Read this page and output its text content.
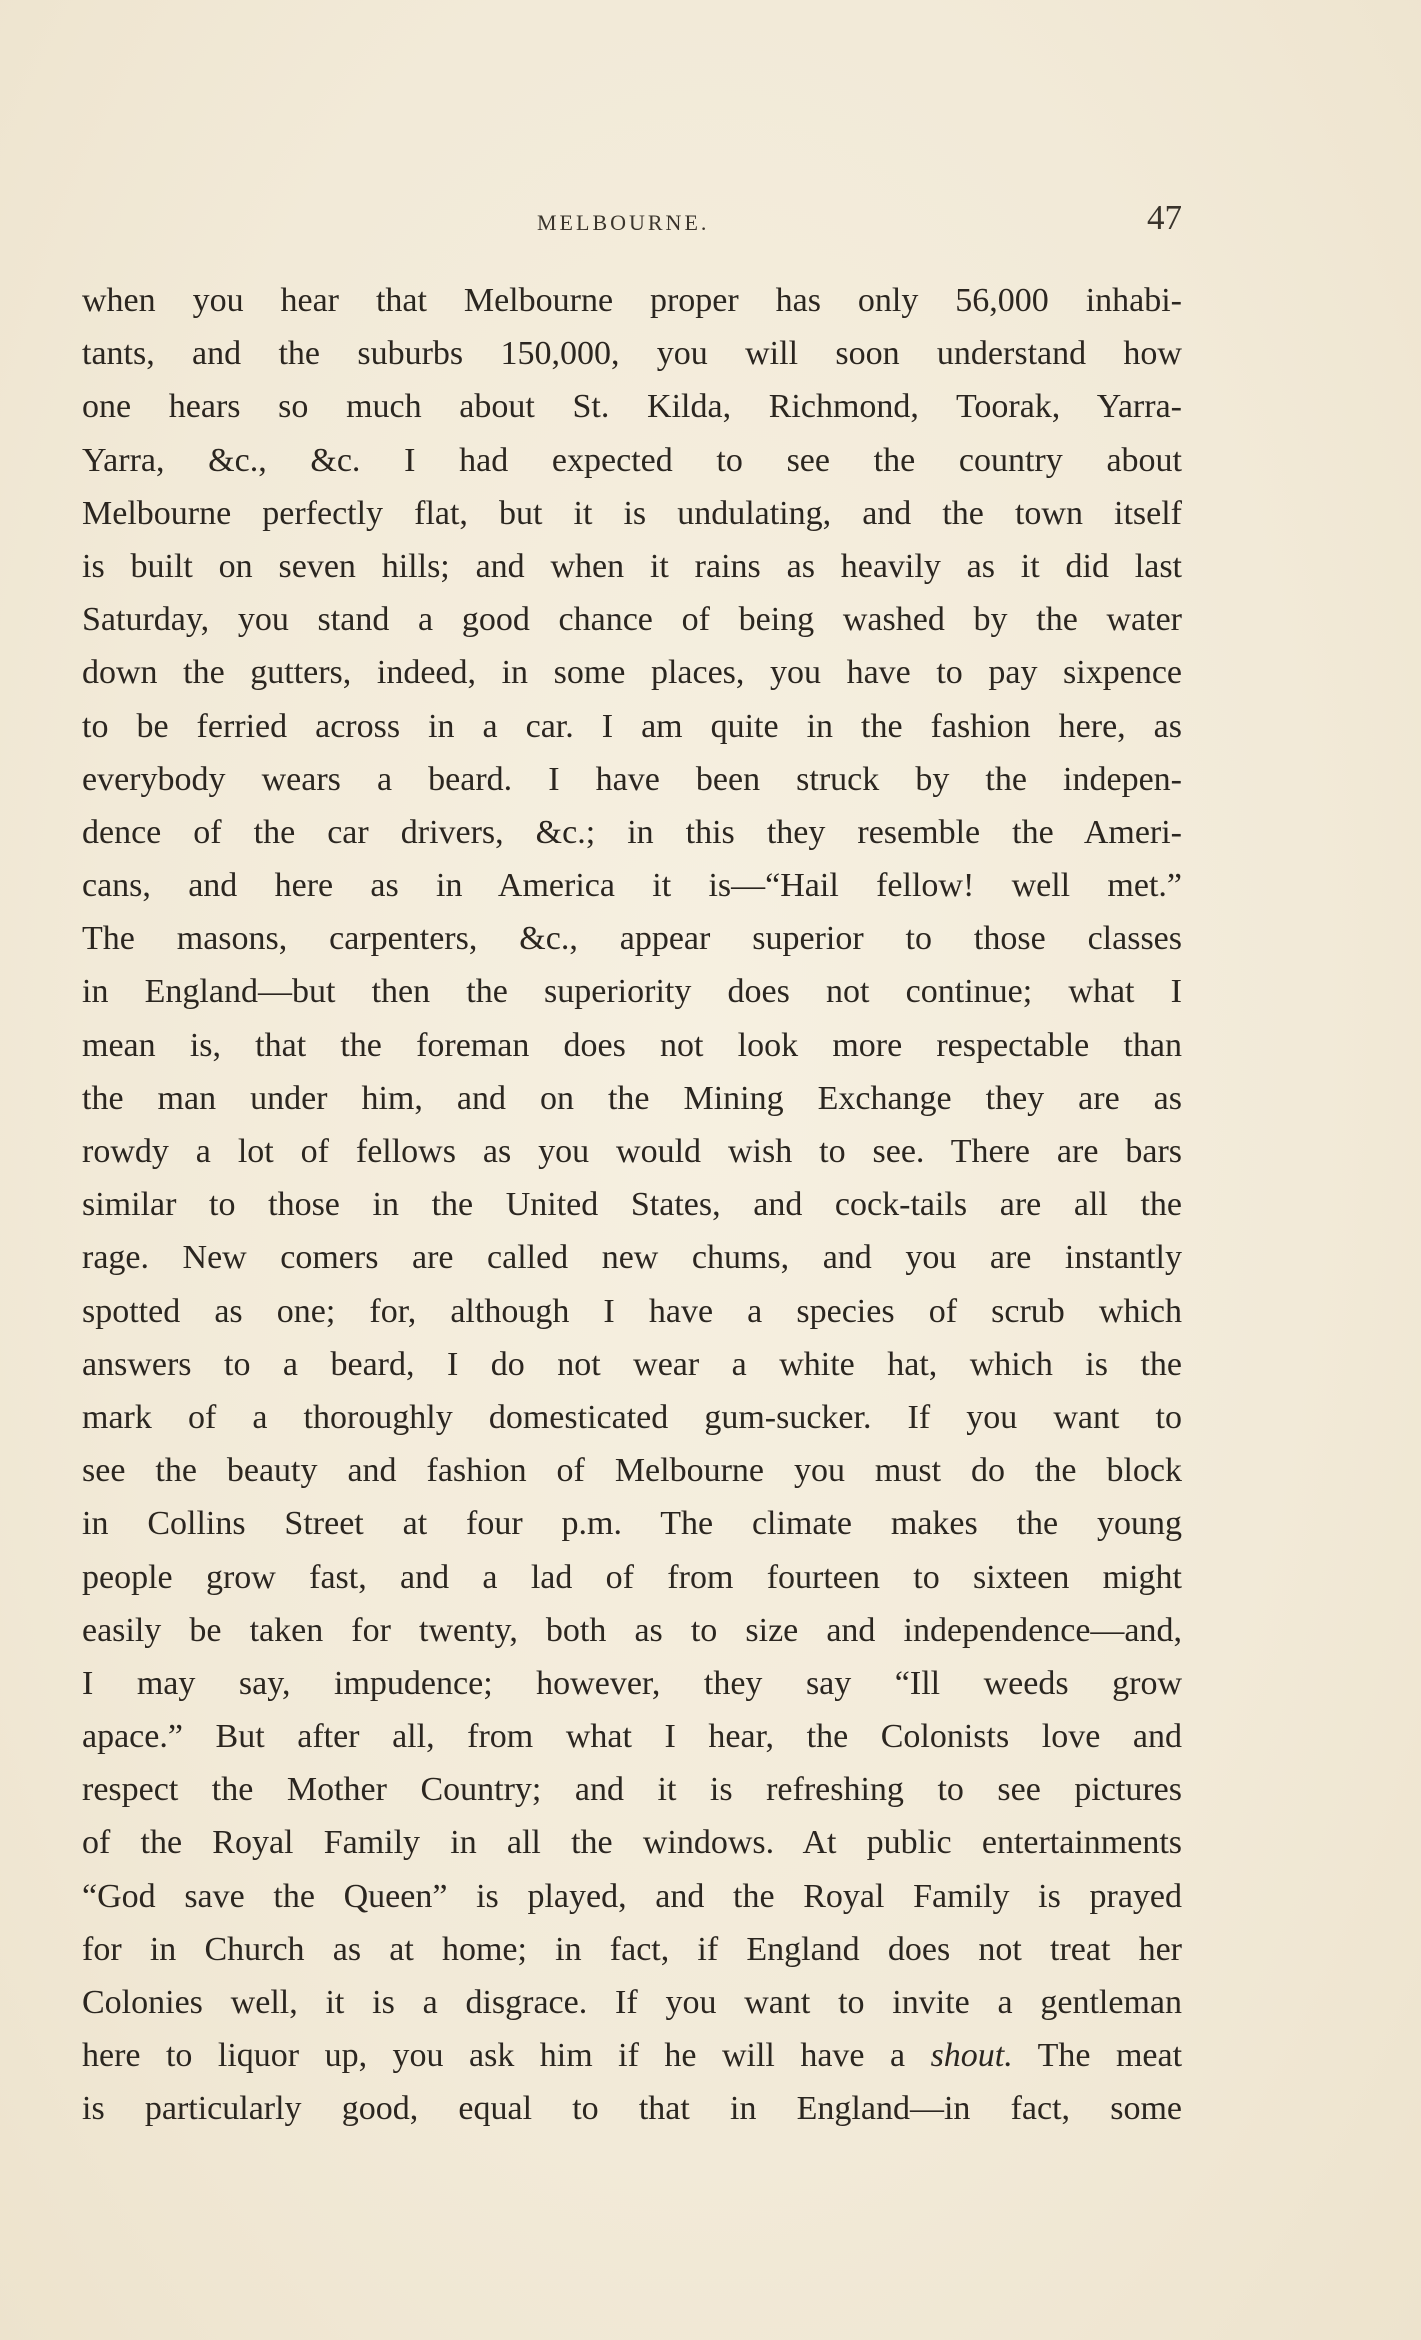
MELBOURNE.	47
when you hear that Melbourne proper has only 56,000 inhabi-
tants, and the suburbs 150,000, you will soon understand how
one hears so much about St. Kilda, Richmond, Toorak, Yarra-
Yarra, &c., &c. I had expected to see the country about
Melbourne perfectly flat, but it is undulating, and the town itself
is built on seven hills; and when it rains as heavily as it did last
Saturday, you stand a good chance of being washed by the water
down the gutters, indeed, in some places, you have to pay sixpence
to be ferried across in a car. I am quite in the fashion here, as
everybody wears a beard. I have been struck by the indepen-
dence of the car drivers, &c.; in this they resemble the Ameri-
cans, and here as in America it is—“Hail fellow! well met.”
The masons, carpenters, &c., appear superior to those classes
in England—but then the superiority does not continue; what I
mean is, that the foreman does not look more respectable than
the man under him, and on the Mining Exchange they are as
rowdy a lot of fellows as you would wish to see. There are bars
similar to those in the United States, and cock-tails are all the
rage. New comers are called new chums, and you are instantly
spotted as one; for, although I have a species of scrub which
answers to a beard, I do not wear a white hat, which is the
mark of a thoroughly domesticated gum-sucker. If you want to
see the beauty and fashion of Melbourne you must do the block
in Collins Street at four p.m. The climate makes the young
people grow fast, and a lad of from fourteen to sixteen might
easily be taken for twenty, both as to size and independence—and,
I may say, impudence; however, they say “Ill weeds grow
apace.” But after all, from what I hear, the Colonists love and
respect the Mother Country; and it is refreshing to see pictures
of the Royal Family in all the windows. At public entertainments
“God save the Queen” is played, and the Royal Family is prayed
for in Church as at home; in fact, if England does not treat her
Colonies well, it is a disgrace. If you want to invite a gentleman
here to liquor up, you ask him if he will have a shout. The meat
is particularly good, equal to that in England—in fact, some
